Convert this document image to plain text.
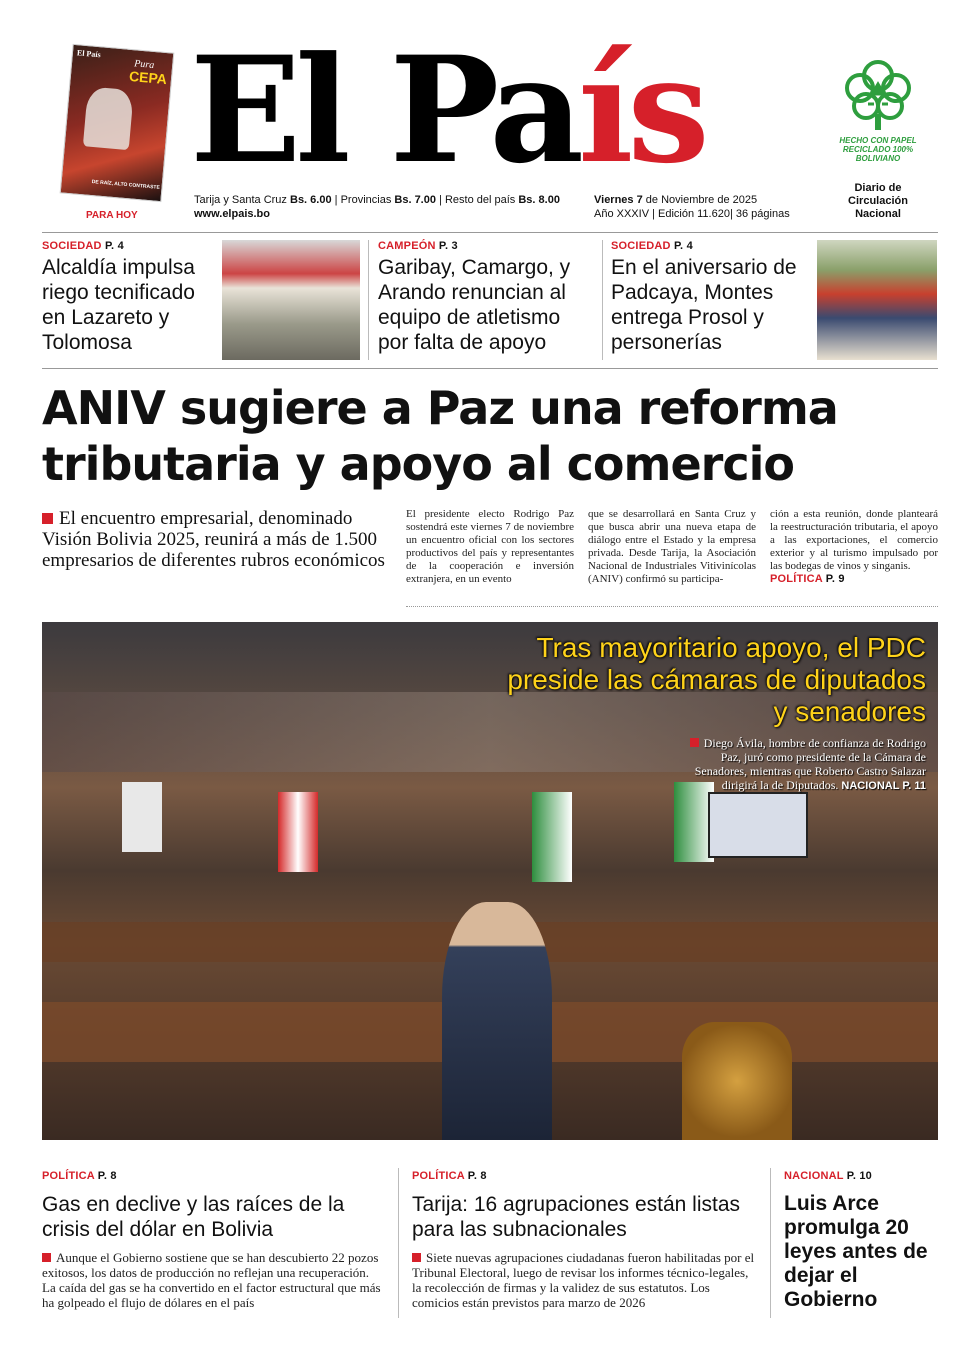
El País
Pura
CEPA
DE RAÍZ, ALTO CONTRASTE
PARA HOY
El País
Tarija y Santa Cruz Bs. 6.00 | Provincias Bs. 7.00 | Resto del país Bs. 8.00
www.elpais.bo
Viernes 7 de Noviembre de 2025
Año XXXIV | Edición 11.620| 36 páginas
HECHO CON PAPEL RECICLADO 100% BOLIVIANO
Diario de Circulación Nacional
SOCIEDAD P. 4
Alcaldía impulsa riego tecnificado en Lazareto y Tolomosa
CAMPEÓN P. 3
Garibay, Camargo, y Arando renuncian al equipo de atletismo por falta de apoyo
SOCIEDAD P. 4
En el aniversario de Padcaya, Montes entrega Prosol y personerías
ANIV sugiere a Paz una reforma
tributaria y apoyo al comercio
El encuentro empresarial, denominado Visión Bolivia 2025, reunirá a más de 1.500 empresarios de diferentes rubros económicos
El presidente electo Rodrigo Paz sostendrá este viernes 7 de noviembre un encuentro oficial con los sectores productivos del país y representantes de la cooperación e inversión extranjera, en un evento
que se desarrollará en Santa Cruz y que busca abrir una nueva etapa de diálogo entre el Estado y la empresa privada. Desde Tarija, la Asociación Nacional de Industriales Vitivinícolas (ANIV) confirmó su participa-
ción a esta reunión, donde planteará la reestructuración tributaria, el apoyo a las exportaciones, el comercio exterior y al turismo impulsado por las bodegas de vinos y singanis.
POLÍTICA P. 9
Tras mayoritario apoyo, el PDC preside las cámaras de diputados y senadores
Diego Ávila, hombre de confianza de Rodrigo Paz, juró como presidente de la Cámara de Senadores, mientras que Roberto Castro Salazar dirigirá la de Diputados. NACIONAL P. 11
POLÍTICA P. 8
Gas en declive y las raíces de la crisis del dólar en Bolivia
Aunque el Gobierno sostiene que se han descubierto 22 pozos exitosos, los datos de producción no reflejan una recuperación. La caída del gas se ha convertido en el factor estructural que más ha golpeado el flujo de dólares en el país
POLÍTICA P. 8
Tarija: 16 agrupaciones están listas para las subnacionales
Siete nuevas agrupaciones ciudadanas fueron habilitadas por el Tribunal Electoral, luego de revisar los informes técnico-legales, la recolección de firmas y la validez de sus estatutos. Los comicios están previstos para marzo de 2026
NACIONAL P. 10
Luis Arce promulga 20 leyes antes de dejar el Gobierno
